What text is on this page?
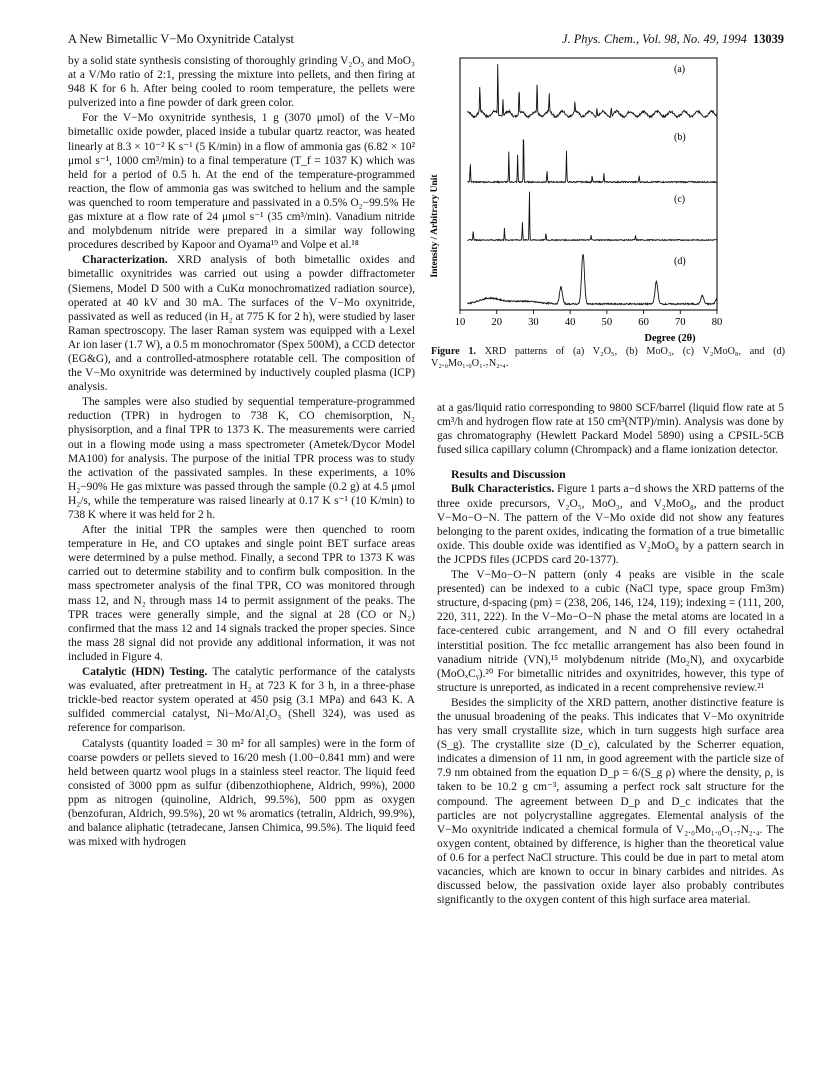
A New Bimetallic V−Mo Oxynitride Catalyst	J. Phys. Chem., Vol. 98, No. 49, 1994 13039

by a solid state synthesis consisting of thoroughly grinding V₂O₅ and MoO₃ at a V/Mo ratio of 2:1, pressing the mixture into pellets, and then firing at 948 K for 6 h. After being cooled to room temperature, the pellets were pulverized into a fine powder of dark green color.

For the V−Mo oxynitride synthesis, 1 g (3070 μmol) of the V−Mo bimetallic oxide powder, placed inside a tubular quartz reactor, was heated linearly at 8.3 × 10⁻² K s⁻¹ (5 K/min) in a flow of ammonia gas (6.82 × 10² μmol s⁻¹, 1000 cm³/min) to a final temperature (T_f = 1037 K) which was held for a period of 0.5 h. At the end of the temperature-programmed reaction, the flow of ammonia gas was switched to helium and the sample was quenched to room temperature and passivated in a 0.5% O₂−99.5% He gas mixture at a flow rate of 24 μmol s⁻¹ (35 cm³/min). Vanadium nitride and molybdenum nitride were prepared in a similar way following procedures described by Kapoor and Oyama¹⁹ and Volpe et al.¹⁸

Characterization. XRD analysis of both bimetallic oxides and bimetallic oxynitrides was carried out using a powder diffractometer (Siemens, Model D 500 with a CuKα monochromatized radiation source), operated at 40 kV and 30 mA. The surfaces of the V−Mo oxynitride, passivated as well as reduced (in H₂ at 775 K for 2 h), were studied by laser Raman spectroscopy. The laser Raman system was equipped with a Lexel Ar ion laser (1.7 W), a 0.5 m monochromator (Spex 500M), a CCD detector (EG&G), and a controlled-atmosphere rotatable cell. The composition of the V−Mo oxynitride was determined by inductively coupled plasma (ICP) analysis.

The samples were also studied by sequential temperature-programmed reduction (TPR) in hydrogen to 738 K, CO chemisorption, N₂ physisorption, and a final TPR to 1373 K. The measurements were carried out in a flowing mode using a mass spectrometer (Ametek/Dycor Model MA100) for analysis. The purpose of the initial TPR process was to study the activation of the passivated samples. In these experiments, a 10% H₂−90% He gas mixture was passed through the sample (0.2 g) at 4.5 μmol H₂/s, while the temperature was raised linearly at 0.17 K s⁻¹ (10 K/min) to 738 K where it was held for 2 h.

After the initial TPR the samples were then quenched to room temperature in He, and CO uptakes and single point BET surface areas were determined by a pulse method. Finally, a second TPR to 1373 K was carried out to determine stability and to confirm bulk composition. In the mass spectrometer analysis of the final TPR, CO was monitored through mass 12, and N₂ through mass 14 to permit assignment of the peaks. The TPR traces were generally simple, and the signal at 28 (CO or N₂) confirmed that the mass 12 and 14 signals tracked the proper species. Since the mass 28 signal did not provide any additional information, it was not included in Figure 4.

Catalytic (HDN) Testing. The catalytic performance of the catalysts was evaluated, after pretreatment in H₂ at 723 K for 3 h, in a three-phase trickle-bed reactor system operated at 450 psig (3.1 MPa) and 643 K. A sulfided commercial catalyst, Ni−Mo/Al₂O₃ (Shell 324), was used as reference for comparison.

Catalysts (quantity loaded = 30 m² for all samples) were in the form of coarse powders or pellets sieved to 16/20 mesh (1.00−0.841 mm) and were held between quartz wool plugs in a stainless steel reactor. The liquid feed consisted of 3000 ppm as sulfur (dibenzothiophene, Aldrich, 99%), 2000 ppm as nitrogen (quinoline, Aldrich, 99.5%), 500 ppm as oxygen (benzofuran, Aldrich, 99.5%), 20 wt % aromatics (tetralin, Aldrich, 99.9%), and balance aliphatic (tetradecane, Jansen Chimica, 99.5%). The liquid feed was mixed with hydrogen

(a)
(b)
(c)
(d)
10 20 30 40 50 60 70 80
Intensity / Arbitrary Unit
Degree (2θ)
Figure 1. XRD patterns of (a) V₂O₅, (b) MoO₃, (c) V₂MoO₈, and (d) V₂.₀Mo₁.₀O₁.₇N₂.₄.

at a gas/liquid ratio corresponding to 9800 SCF/barrel (liquid flow rate at 5 cm³/h and hydrogen flow rate at 150 cm³(NTP)/min). Analysis was done by gas chromatography (Hewlett Packard Model 5890) using a CPSIL-5CB fused silica capillary column (Chrompack) and a flame ionization detector.

Results and Discussion

Bulk Characteristics. Figure 1 parts a−d shows the XRD patterns of the three oxide precursors, V₂O₅, MoO₃, and V₂MoO₈, and the product V−Mo−O−N. The pattern of the V−Mo oxide did not show any features belonging to the parent oxides, indicating the formation of a true bimetallic oxide. This double oxide was identified as V₂MoO₈ by a pattern search in the JCPDS files (JCPDS card 20-1377).

The V−Mo−O−N pattern (only 4 peaks are visible in the scale presented) can be indexed to a cubic (NaCl type, space group Fm3m) structure, d-spacing (pm) = (238, 206, 146, 124, 119); indexing = (111, 200, 220, 311, 222). In the V−Mo−O−N phase the metal atoms are located in a face-centered cubic arrangement, and N and O fill every octahedral interstitial position. The fcc metallic arrangement has also been found in vanadium nitride (VN),¹⁵ molybdenum nitride (Mo₂N), and oxycarbide (MoOₓCᵧ).²⁰ For bimetallic nitrides and oxynitrides, however, this type of structure is unreported, as indicated in a recent comprehensive review.²¹

Besides the simplicity of the XRD pattern, another distinctive feature is the unusual broadening of the peaks. This indicates that V−Mo oxynitride has very small crystallite size, which in turn suggests high surface area (S_g). The crystallite size (D_c), calculated by the Scherrer equation, indicates a dimension of 11 nm, in good agreement with the particle size of 7.9 nm obtained from the equation D_p = 6/(S_g ρ) where the density, ρ, is taken to be 10.2 g cm⁻³, assuming a perfect rock salt structure for the compound. The agreement between D_p and D_c indicates that the particles are not polycrystalline aggregates. Elemental analysis of the V−Mo oxynitride indicated a chemical formula of V₂.₀Mo₁.₀O₁.₇N₂.₄. The oxygen content, obtained by difference, is higher than the theoretical value of 0.6 for a perfect NaCl structure. This could be due in part to metal atom vacancies, which are known to occur in binary carbides and nitrides. As discussed below, the passivation oxide layer also probably contributes significantly to the oxygen content of this high surface area material.
